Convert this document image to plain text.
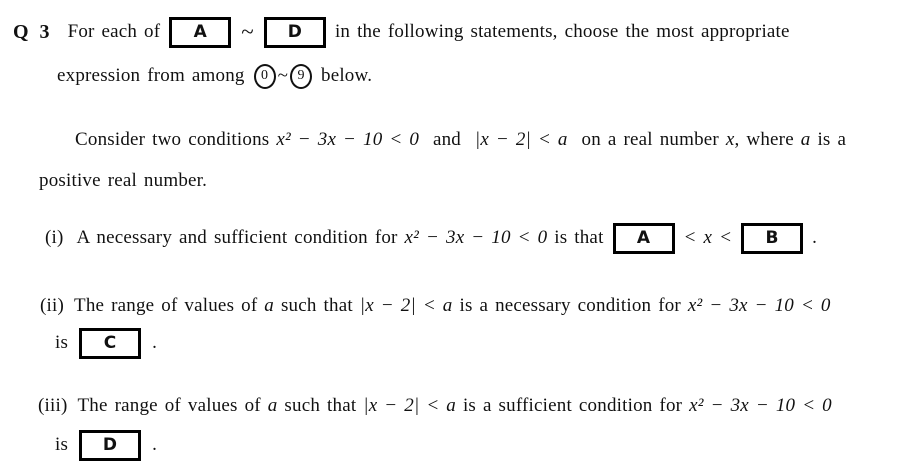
Q 3 For each of	A	~	D	in the following statements, choose the most appropriate
expression from among 0 ~ 9 below.
Consider two conditions x² − 3x − 10 < 0 and |x − 2| < a on a real number x , where a is a
positive real number.
(i) A necessary and sufficient condition for x² − 3x − 10 < 0 is that	A	< x <	B	.
(ii) The range of values of a such that |x − 2| < a is a necessary condition for x² − 3x − 10 < 0
is	C	.
(iii) The range of values of a such that |x − 2| < a is a sufficient condition for x² − 3x − 10 < 0
is	D	.
